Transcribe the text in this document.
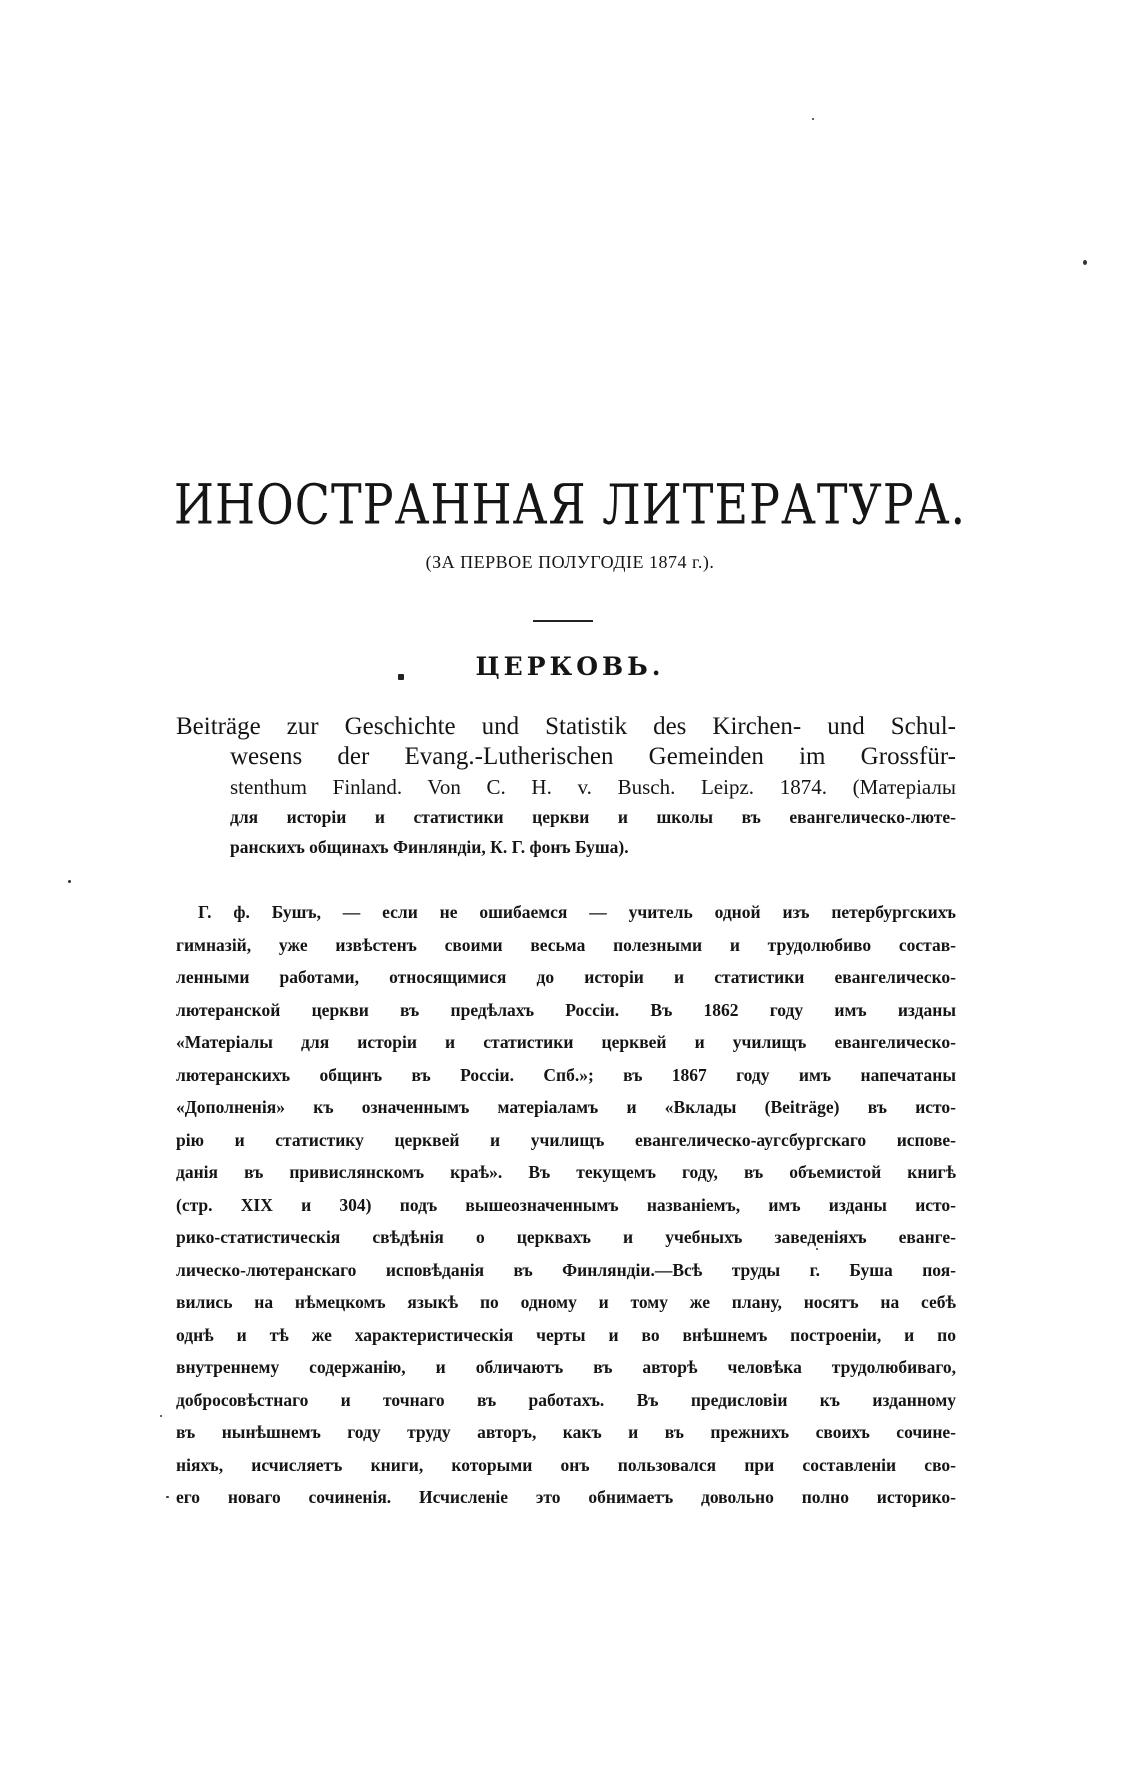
ИНОСТРАННАЯ ЛИТЕРАТУРА.
(ЗА ПЕРВОЕ ПОЛУГОДІЕ 1874 г.).
ЦЕРКОВЬ.
Beiträge zur Geschichte und Statistik des Kirchen- und Schul-
wesens der Evang.-Lutherischen Gemeinden im Grossfür-
stenthum Finland. Von C. H. v. Busch. Leipz. 1874. (Матеріалы
для исторіи и статистики церкви и школы въ евангелическо-люте-
ранскихъ общинахъ Финляндіи, К. Г. фонъ Буша).
Г. ф. Бушъ, — если не ошибаемся — учитель одной изъ петербургскихъ
гимназій, уже извѣстенъ своими весьма полезными и трудолюбиво состав-
ленными работами, относящимися до исторіи и статистики евангелическо-
лютеранской церкви въ предѣлахъ Россіи. Въ 1862 году имъ изданы
«Матеріалы для исторіи и статистики церквей и училищъ евангелическо-
лютеранскихъ общинъ въ Россіи. Спб.»; въ 1867 году имъ напечатаны
«Дополненія» къ означеннымъ матеріаламъ и «Вклады (Beiträge) въ исто-
рію и статистику церквей и училищъ евангелическо-аугсбургскаго испове-
данія въ привислянскомъ краѣ». Въ текущемъ году, въ объемистой книгѣ
(стр. XIX и 304) подъ вышеозначеннымъ названіемъ, имъ изданы исто-
рико-статистическія свѣдѣнія о церквахъ и учебныхъ заведеніяхъ еванге-
лическо-лютеранскаго исповѣданія въ Финляндіи.—Всѣ труды г. Буша поя-
вились на нѣмецкомъ языкѣ по одному и тому же плану, носятъ на себѣ
однѣ и тѣ же характеристическія черты и во внѣшнемъ построеніи, и по
внутреннему содержанію, и обличаютъ въ авторѣ человѣка трудолюбиваго,
добросовѣстнаго и точнаго въ работахъ. Въ предисловіи къ изданному
въ нынѣшнемъ году труду авторъ, какъ и въ прежнихъ своихъ сочине-
ніяхъ, исчисляетъ книги, которыми онъ пользовался при составленіи сво-
его новаго сочиненія. Исчисленіе это обнимаетъ довольно полно историко-
